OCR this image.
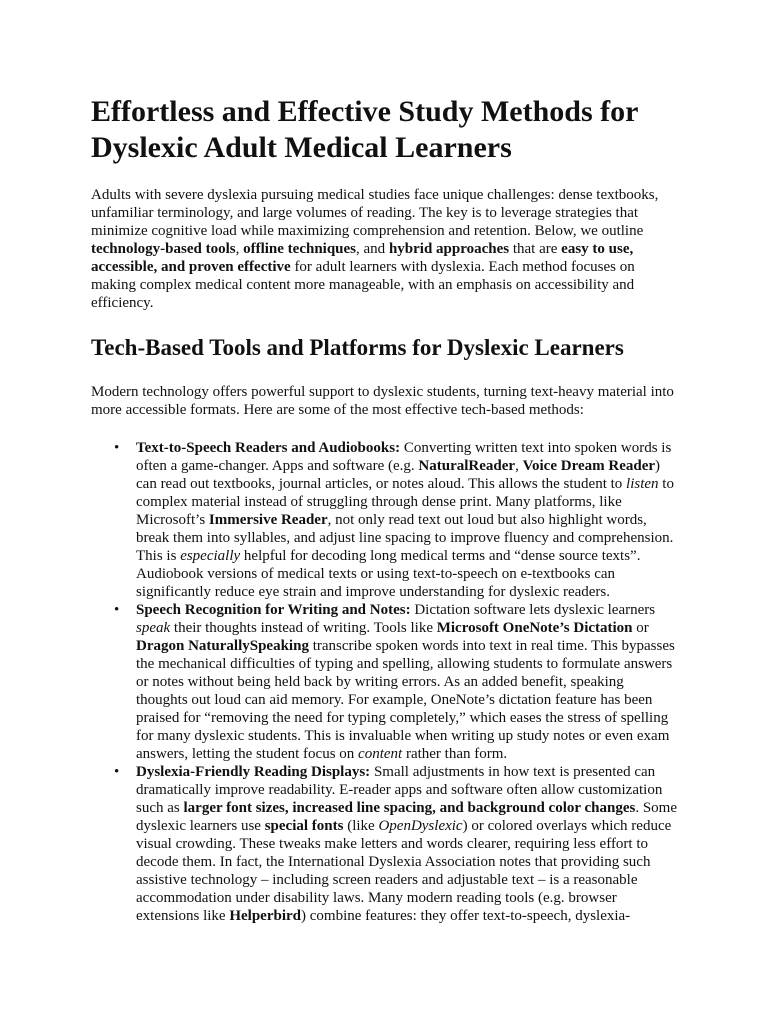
Effortless and Effective Study Methods for Dyslexic Adult Medical Learners

Adults with severe dyslexia pursuing medical studies face unique challenges: dense textbooks, unfamiliar terminology, and large volumes of reading. The key is to leverage strategies that minimize cognitive load while maximizing comprehension and retention. Below, we outline technology-based tools, offline techniques, and hybrid approaches that are easy to use, accessible, and proven effective for adult learners with dyslexia. Each method focuses on making complex medical content more manageable, with an emphasis on accessibility and efficiency.

Tech-Based Tools and Platforms for Dyslexic Learners

Modern technology offers powerful support to dyslexic students, turning text-heavy material into more accessible formats. Here are some of the most effective tech-based methods:

• Text-to-Speech Readers and Audiobooks: Converting written text into spoken words is often a game-changer. Apps and software (e.g. NaturalReader, Voice Dream Reader) can read out textbooks, journal articles, or notes aloud. This allows the student to listen to complex material instead of struggling through dense print. Many platforms, like Microsoft’s Immersive Reader, not only read text out loud but also highlight words, break them into syllables, and adjust line spacing to improve fluency and comprehension. This is especially helpful for decoding long medical terms and “dense source texts”. Audiobook versions of medical texts or using text-to-speech on e-textbooks can significantly reduce eye strain and improve understanding for dyslexic readers.
• Speech Recognition for Writing and Notes: Dictation software lets dyslexic learners speak their thoughts instead of writing. Tools like Microsoft OneNote’s Dictation or Dragon NaturallySpeaking transcribe spoken words into text in real time. This bypasses the mechanical difficulties of typing and spelling, allowing students to formulate answers or notes without being held back by writing errors. As an added benefit, speaking thoughts out loud can aid memory. For example, OneNote’s dictation feature has been praised for “removing the need for typing completely,” which eases the stress of spelling for many dyslexic students. This is invaluable when writing up study notes or even exam answers, letting the student focus on content rather than form.
• Dyslexia-Friendly Reading Displays: Small adjustments in how text is presented can dramatically improve readability. E-reader apps and software often allow customization such as larger font sizes, increased line spacing, and background color changes. Some dyslexic learners use special fonts (like OpenDyslexic) or colored overlays which reduce visual crowding. These tweaks make letters and words clearer, requiring less effort to decode them. In fact, the International Dyslexia Association notes that providing such assistive technology – including screen readers and adjustable text – is a reasonable accommodation under disability laws. Many modern reading tools (e.g. browser extensions like Helperbird) combine features: they offer text-to-speech, dyslexia-
